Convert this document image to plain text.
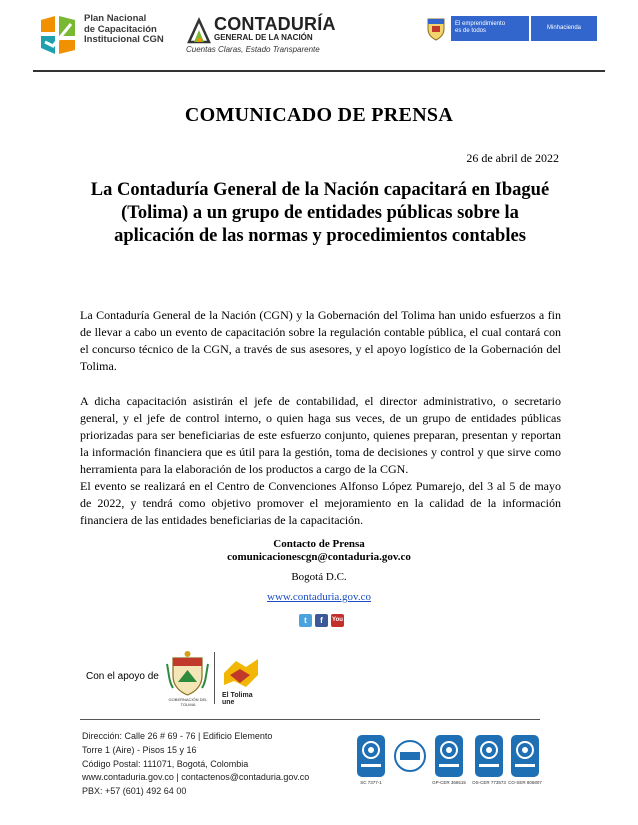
Plan Nacional
de Capacitación
Institucional CGN
CONTADURÍA
GENERAL DE LA NACIÓN
Cuentas Claras, Estado Transparente
El emprendimiento
es de todos	Minhacienda
COMUNICADO DE PRENSA
26 de abril de 2022
La Contaduría General de la Nación capacitará en Ibagué (Tolima) a un grupo de entidades públicas sobre la aplicación de las normas y procedimientos contables

La Contaduría General de la Nación (CGN) y la Gobernación del Tolima han unido esfuerzos a fin de llevar a cabo un evento de capacitación sobre la regulación contable pública, el cual contará con el concurso técnico de la CGN, a través de sus asesores, y el apoyo logístico de la Gobernación del Tolima.

A dicha capacitación asistirán el jefe de contabilidad, el director administrativo, o secretario general, y el jefe de control interno, o quien haga sus veces, de un grupo de entidades públicas priorizadas para ser beneficiarias de este esfuerzo conjunto, quienes preparan, presentan y reportan la información financiera que es útil para la gestión, toma de decisiones y control y que sirve como herramienta para la elaboración de los productos a cargo de la CGN.

El evento se realizará en el Centro de Convenciones Alfonso López Pumarejo, del 3 al 5 de mayo de 2022, y tendrá como objetivo promover el mejoramiento en la calidad de la información financiera de las entidades beneficiarias de la capacitación.

Contacto de Prensa
comunicacionescgn@contaduria.gov.co
Bogotá D.C.
www.contaduria.gov.co
t	f	You
Con el apoyo de
GOBERNACIÓN DEL TOLIMA
El Tolima
une
Dirección: Calle 26 # 69 - 76 | Edificio Elemento
Torre 1 (Aire) - Pisos 15 y 16
Código Postal: 111071, Bogotá, Colombia
www.contaduria.gov.co | contactenos@contaduria.gov.co
PBX: +57 (601) 492 64 00
SC 7377-1	GP-CER 366515 OS-CER 773573 CO-SER 806807
